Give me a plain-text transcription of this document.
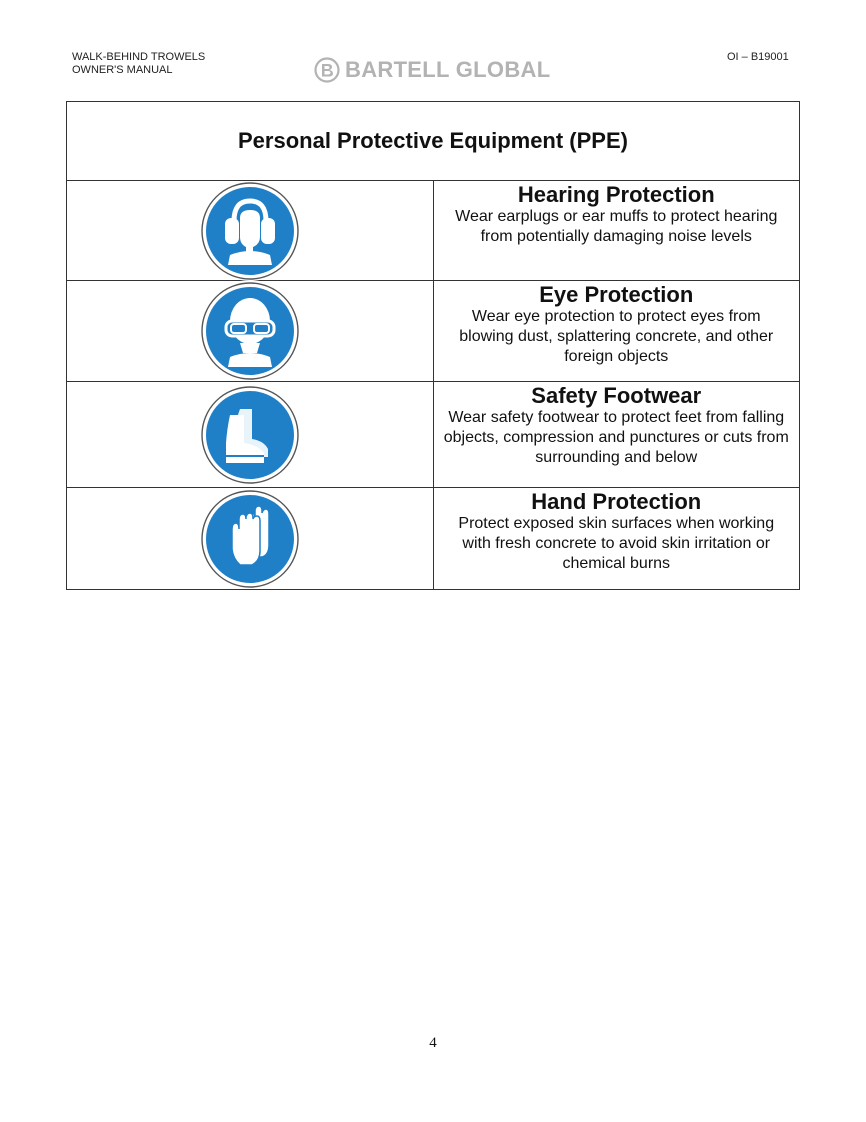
WALK-BEHIND TROWELS
OWNER'S MANUAL	BARTELL GLOBAL	OI – B19001
Personal Protective Equipment (PPE)	

Hearing Protection

Wear earplugs or ear muffs to protect hearing from potentially damaging noise levels

Eye Protection

Wear eye protection to protect eyes from blowing dust, splattering concrete, and other foreign objects

Safety Footwear

Wear safety footwear to protect feet from falling objects, compression and punctures or cuts from surrounding and below

Hand Protection

Protect exposed skin surfaces when working with fresh concrete to avoid skin irritation or chemical burns

4
